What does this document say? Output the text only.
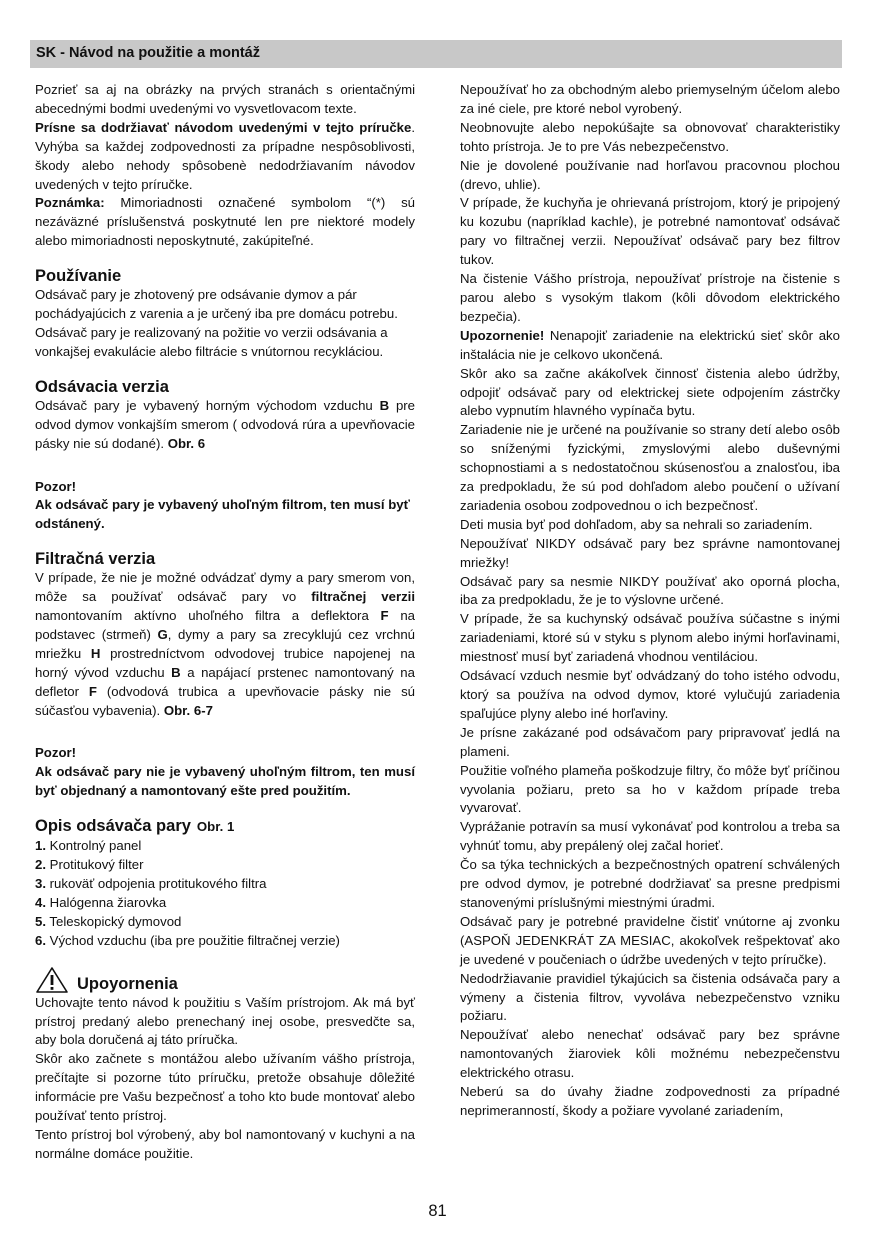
SK - Návod na použitie a montáž

Pozrieť sa aj na obrázky na prvých stranách s orientačnými abecednými bodmi uvedenými vo vysvetlovacom texte.

Prísne sa dodržiavať návodom uvedenými v tejto príručke. Vyhýba sa každej zodpovednosti za prípadne nespôsoblivosti, škody alebo nehody spôsobenè nedodržiavaním návodov uvedených v tejto príručke.

Poznámka: Mimoriadnosti označené symbolom “(*) sú nezáväzné príslušenstvá poskytnuté len pre niektoré modely alebo mimoriadnosti neposkytnuté, zakúpiteľné.

Používanie

Odsávač pary je zhotovený pre odsávanie dymov a pár pochádyajúcich z varenia a je určený iba pre domácu potrebu.

Odsávač pary je realizovaný na požitie vo verzii odsávania a vonkajšej evakulácie alebo filtrácie s vnútornou recykláciou.

Odsávacia verzia

Odsávač pary je vybavený horným východom vzduchu B pre odvod dymov vonkajším smerom ( odvodová rúra a upevňovacie pásky nie sú dodané). Obr. 6

Pozor!

Ak odsávač pary je vybavený uhoľným filtrom, ten musí byť odstánený.

Filtračná verzia

V prípade, že nie je možné odvádzať dymy a pary smerom von, môže sa používať odsávač pary vo filtračnej verzii namontovaním aktívno uhoľného filtra a deflektora F na podstavec (strmeň) G, dymy a pary sa zrecyklujú cez vrchnú mriežku H prostredníctvom odvodovej trubice napojenej na horný vývod vzduchu B a napájací prstenec namontovaný na defletor F (odvodová trubica a upevňovacie pásky nie sú súčasťou vybavenia). Obr. 6-7

Pozor!

Ak odsávač pary nie je vybavený uhoľným filtrom, ten musí byť objednaný a namontovaný ešte pred použitím.

Opis odsávača pary Obr. 1
1. Kontrolný panel
2. Protitukový filter
3. rukoväť odpojenia protitukového filtra
4. Halógenna žiarovka
5. Teleskopický dymovod
6. Východ vzduchu (iba pre použitie filtračnej verzie)
Upoyornenia

Uchovajte tento návod k použitiu s Vaším prístrojom. Ak má byť prístroj predaný alebo prenechaný inej osobe, presvedčte sa, aby bola doručená aj táto príručka.

Skôr ako začnete s montážou alebo užívaním vášho prístroja, prečítajte si pozorne túto príručku, pretože obsahuje dôležité informácie pre Vašu bezpečnosť a toho kto bude montovať alebo používať tento prístroj.

Tento prístroj bol výrobený, aby bol namontovaný v kuchyni a na normálne domáce použitie.

Nepoužívať ho za obchodným alebo priemyselným účelom alebo za iné ciele, pre ktoré nebol vyrobený.

Neobnovujte alebo nepokúšajte sa obnovovať charakteristiky tohto prístroja. Je to pre Vás nebezpečenstvo.

Nie je dovolené používanie nad horľavou pracovnou plochou (drevo, uhlie).

V prípade, že kuchyňa je ohrievaná prístrojom, ktorý je pripojený ku kozubu (napríklad kachle), je potrebné namontovať odsávač pary vo filtračnej verzii. Nepoužívať odsávač pary bez filtrov tukov.

Na čistenie Vášho prístroja, nepoužívať prístroje na čistenie s parou alebo s vysokým tlakom (kôli dôvodom elektrického bezpečia).

Upozornenie! Nenapojiť zariadenie na elektrickú sieť skôr ako inštalácia nie je celkovo ukončená.

Skôr ako sa začne akákoľvek činnosť čistenia alebo údržby, odpojiť odsávač pary od elektrickej siete odpojením zástrčky alebo vypnutím hlavného vypínača bytu.

Zariadenie nie je určené na používanie so strany detí alebo osôb so sníženými fyzickými, zmyslovými alebo duševnými schopnostiami a s nedostatočnou skúsenosťou a znalosťou, iba za predpokladu, že sú pod dohľadom alebo poučení o užívaní zariadenia osobou zodpovednou o ich bezpečnosť.

Deti musia byť pod dohľadom, aby sa nehrali so zariadením.

Nepoužívať NIKDY odsávač pary bez správne namontovanej mriežky!

Odsávač pary sa nesmie NIKDY používať ako oporná plocha, iba za predpokladu, že je to výslovne určené.

V prípade, že sa kuchynský odsávač používa súčastne s inými zariadeniami, ktoré sú v styku s plynom alebo inými horľavinami, miestnosť musí byť zariadená vhodnou ventiláciou.

Odsávací vzduch nesmie byť odvádzaný do toho istého odvodu, ktorý sa používa na odvod dymov, ktoré vylučujú zariadenia spaľujúce plyny alebo iné horľaviny.

Je prísne zakázané pod odsávačom pary pripravovať jedlá na plameni.

Použitie voľného plameňa poškodzuje filtry, čo môže byť príčinou vyvolania požiaru, preto sa ho v každom prípade treba vyvarovať.

Vyprážanie potravín sa musí vykonávať pod kontrolou a treba sa vyhnúť tomu, aby prepálený olej začal horieť.

Čo sa týka technických a bezpečnostných opatrení schválených pre odvod dymov, je potrebné dodržiavať sa presne predpismi stanovenými príslušnými miestnými úradmi.

Odsávač pary je potrebné pravidelne čistiť vnútorne aj zvonku (ASPOŇ JEDENKRÁT ZA MESIAC, akokoľvek rešpektovať ako je uvedené v poučeniach o údržbe uvedených v tejto príručke).

Nedodržiavanie pravidiel týkajúcich sa čistenia odsávača pary a výmeny a čistenia filtrov, vyvoláva nebezpečenstvo vzniku požiaru.

Nepoužívať alebo nenechať odsávač pary bez správne namontovaných žiaroviek kôli možnému nebezpečenstvu elektrického otrasu.

Neberú sa do úvahy žiadne zodpovednosti za prípadné neprimeranností, škody a požiare vyvolané zariadením,

81
